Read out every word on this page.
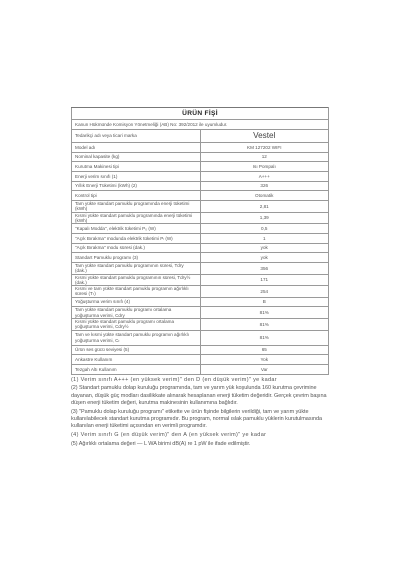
ÜRÜN FİŞİ	
Kanun Hükmünde Komisyon Yönetmeliği (AB) No: 392/2012 ile uyumludur.	
Tedarikçi adı veya ticari marka	Vestel
Model adı	KM 127202 WIFI
Nominal kapasite (kg)	12
Kurutma Makinesi tipi	Isı Pompalı
Enerji verim sınıfı (1)	A+++
Yıllık Enerji Tüketimi (kWh) (2)	326
Kontrol tipi	Otomatik
Tam yükte standart pamuklu programında enerji tüketimi (kWh)	2,81
Kısmi yükte standart pamuklu programında enerji tüketimi (kWh)	1,39
"Kapalı Modda", elektrik tüketimi P₀ (W)	0,5
"Açık Bırakma" modunda elektrik tüketimi Pₗ (W)	1
"Açık Bırakma" modu süresi (dak.)	yok
Standart Pamuklu programı (3)	yok
Tam yükte standart pamuklu programının süresi, Tdry (dak.)	356
Kısmi yükte standart pamuklu programının süresi, Tdry½ (dak.)	171
Kısmi ve tam yükte standart pamuklu programın ağırlıklı süresi (Tₜ)	254
Yoğuşturma verim sınıfı (4)	B
Tam yükte standart pamuklu programı ortalama yoğuşturma verimi, Cdry	81%
Kısmi yükte standart pamuklu programı ortalama yoğuşturma verimi, Cdry½	81%
Tam ve kısmi yükte standart pamuklu programın ağırlıklı yoğuşturma verimi, Cₜ	81%
Ürün ses gücü seviyesi (5)	65
Ankastre Kullanım	Yok
Tezgah Altı Kullanım	Var

(1) Verim sınıfı A+++ (en yüksek verim)" den D (en düşük verim)" ye kadar

(2) Standart pamuklu dolap kuruluğu programında, tam ve yarım yük koşulunda 160 kurutma çevrimine dayanan, düşük güç modları dasilikkate alınarak hesaplanan enerji tüketim değeridir. Gerçek çevrim başına düşen enerji tüketim değeri, kurutma makinesinin kullanımına bağlıdır.

(3) "Pamuklu dolap kuruluğu programı" etikette ve ürün fişinde bilgilerin verildiği, tam ve yarım yükte kullanılabilecek standart kurutma programıdır. Bu program, normal ıslak pamuklu yüklerin kurutulmasında kullanılan enerji tüketimi açısından en verimli programdır.

(4) Verim sınıfı G (en düşük verim)" den A (en yüksek verim)" ye kadar

(5) Ağırlıklı ortalama değeri — L WA birimi dB(A) re 1 pW ile ifade edilmiştir.
